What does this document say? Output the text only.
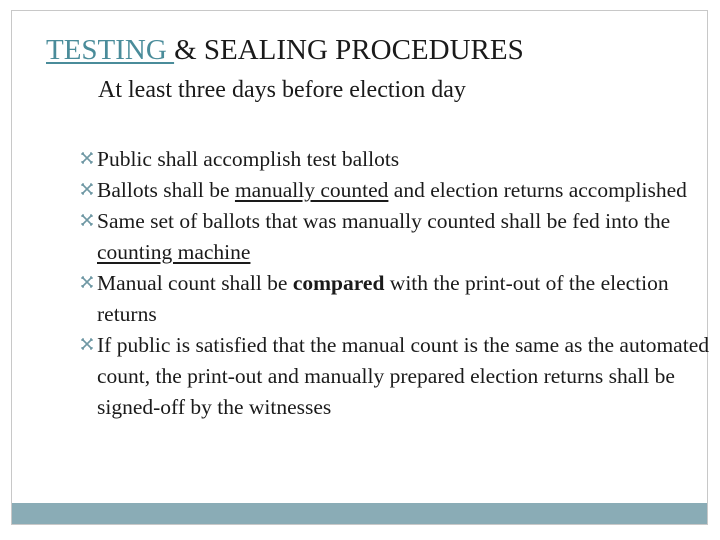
TESTING & SEALING PROCEDURES

At least three days before election day

Public shall accomplish test ballots
Ballots shall be manually counted and election returns accomplished
Same set of ballots that was manually counted shall be fed into the counting machine
Manual count shall be compared with the print-out of the election returns
If public is satisfied that the manual count is the same as the automated count, the print-out and manually prepared election returns shall be signed-off by the witnesses
